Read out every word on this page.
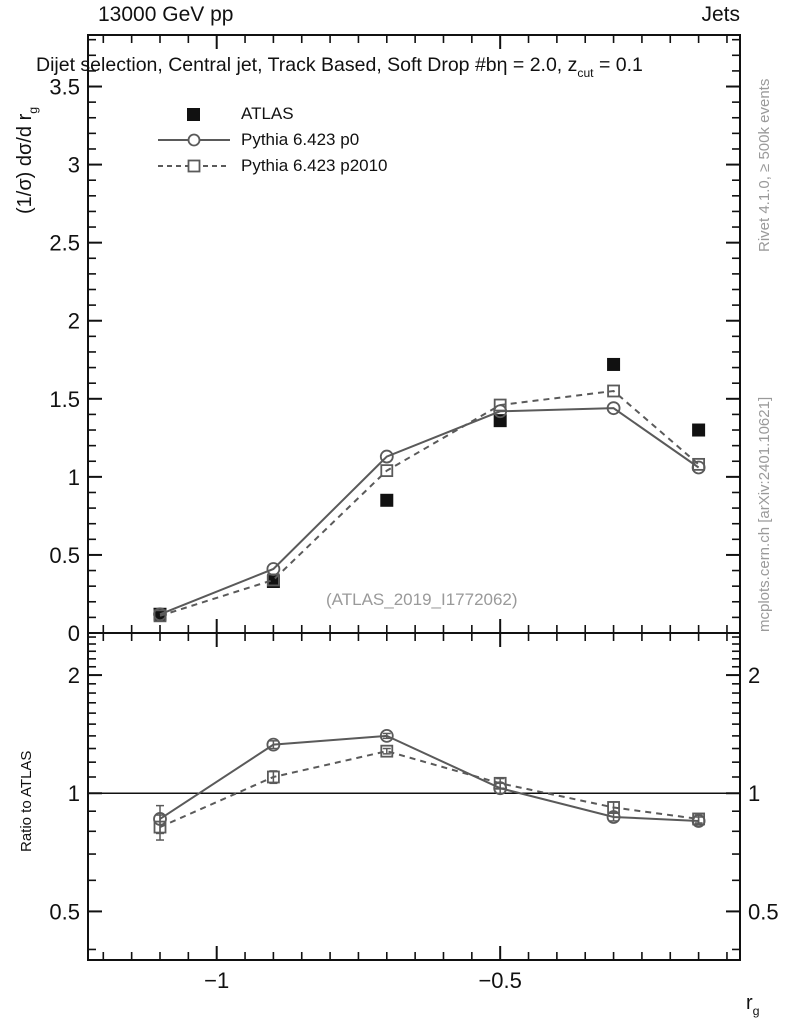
13000 GeV pp	Jets
0
0.5
1
1.5
2
2.5
3
3.5
0.5	0.5
1	1
2	2
−1	−0.5
Dijet selection, Central jet, Track Based, Soft Drop #bη = 2.0, $z_{cut} = 0.1$
(1/σ) dσ/d $r_g$
Ratio to ATLAS
Rivet 4.1.0, ≥ 500k events
mcplots.cern.ch [arXiv:2401.10621]
(ATLAS_2019_I1772062)
$r_g$
ATLAS
Pythia 6.423 p0
Pythia 6.423 p2010
